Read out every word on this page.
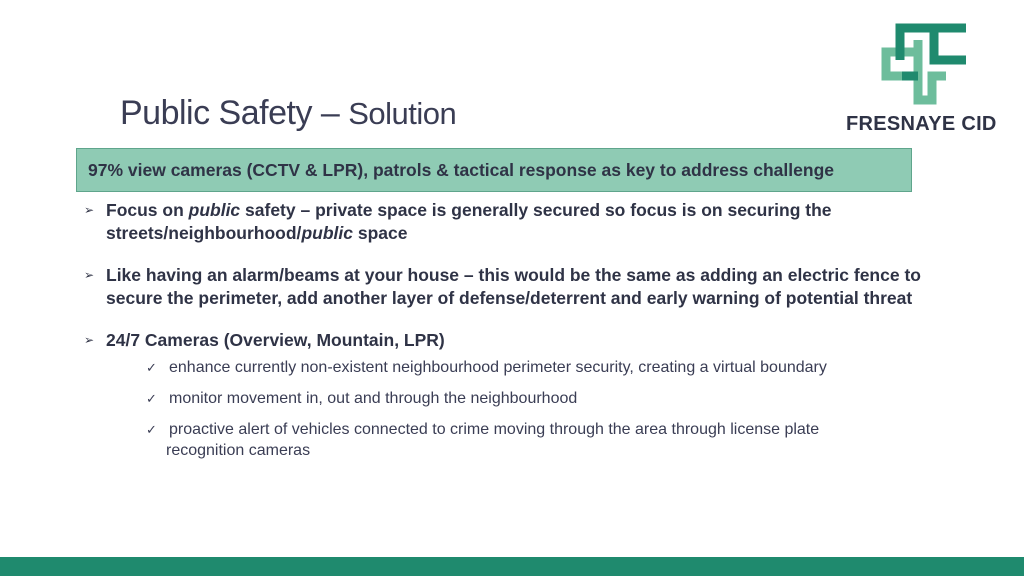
Public Safety – Solution	FRESNAYE CID
97% view cameras (CCTV & LPR), patrols & tactical response as key to address challenge
➢ Focus on public safety – private space is generally secured so focus is on securing the streets/neighbourhood/public space
➢ Like having an alarm/beams at your house – this would be the same as adding an electric fence to secure the perimeter, add another layer of defense/deterrent and early warning of potential threat
➢ 24/7 Cameras (Overview, Mountain, LPR)
✓ enhance currently non-existent neighbourhood perimeter security, creating a virtual boundary
✓ monitor movement in, out and through the neighbourhood
✓ proactive alert of vehicles connected to crime moving through the area through license plate
recognition cameras
